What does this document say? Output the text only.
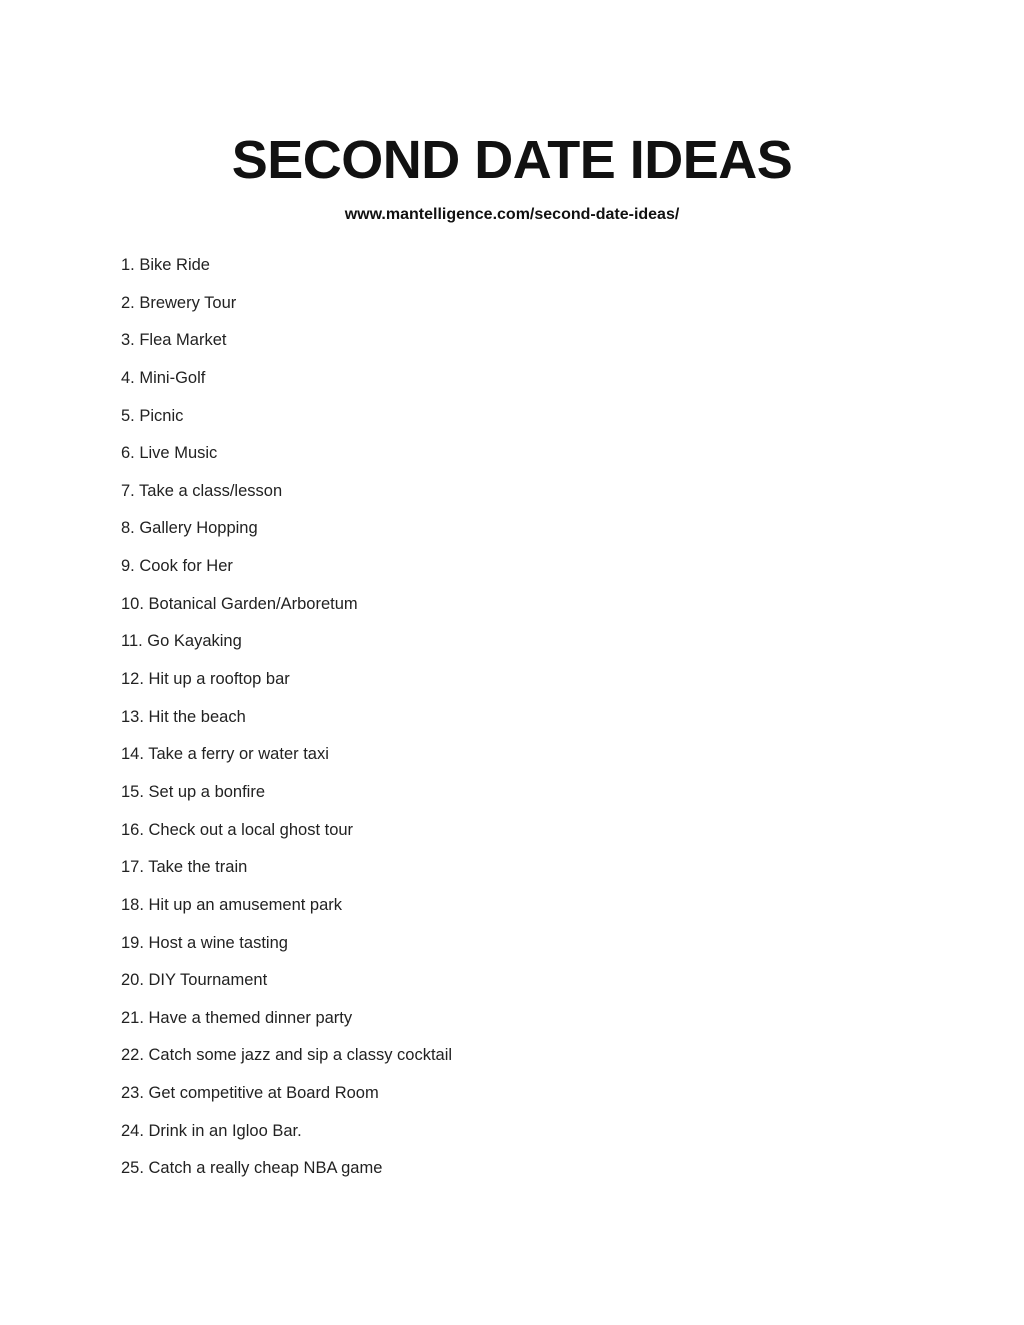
SECOND DATE IDEAS

www.mantelligence.com/second-date-ideas/

1. Bike Ride
2. Brewery Tour
3. Flea Market
4. Mini-Golf
5. Picnic
6. Live Music
7. Take a class/lesson
8. Gallery Hopping
9. Cook for Her
10. Botanical Garden/Arboretum
11. Go Kayaking
12. Hit up a rooftop bar
13. Hit the beach
14. Take a ferry or water taxi
15. Set up a bonfire
16. Check out a local ghost tour
17. Take the train
18. Hit up an amusement park
19. Host a wine tasting
20. DIY Tournament
21. Have a themed dinner party
22. Catch some jazz and sip a classy cocktail
23. Get competitive at Board Room
24. Drink in an Igloo Bar.
25. Catch a really cheap NBA game
